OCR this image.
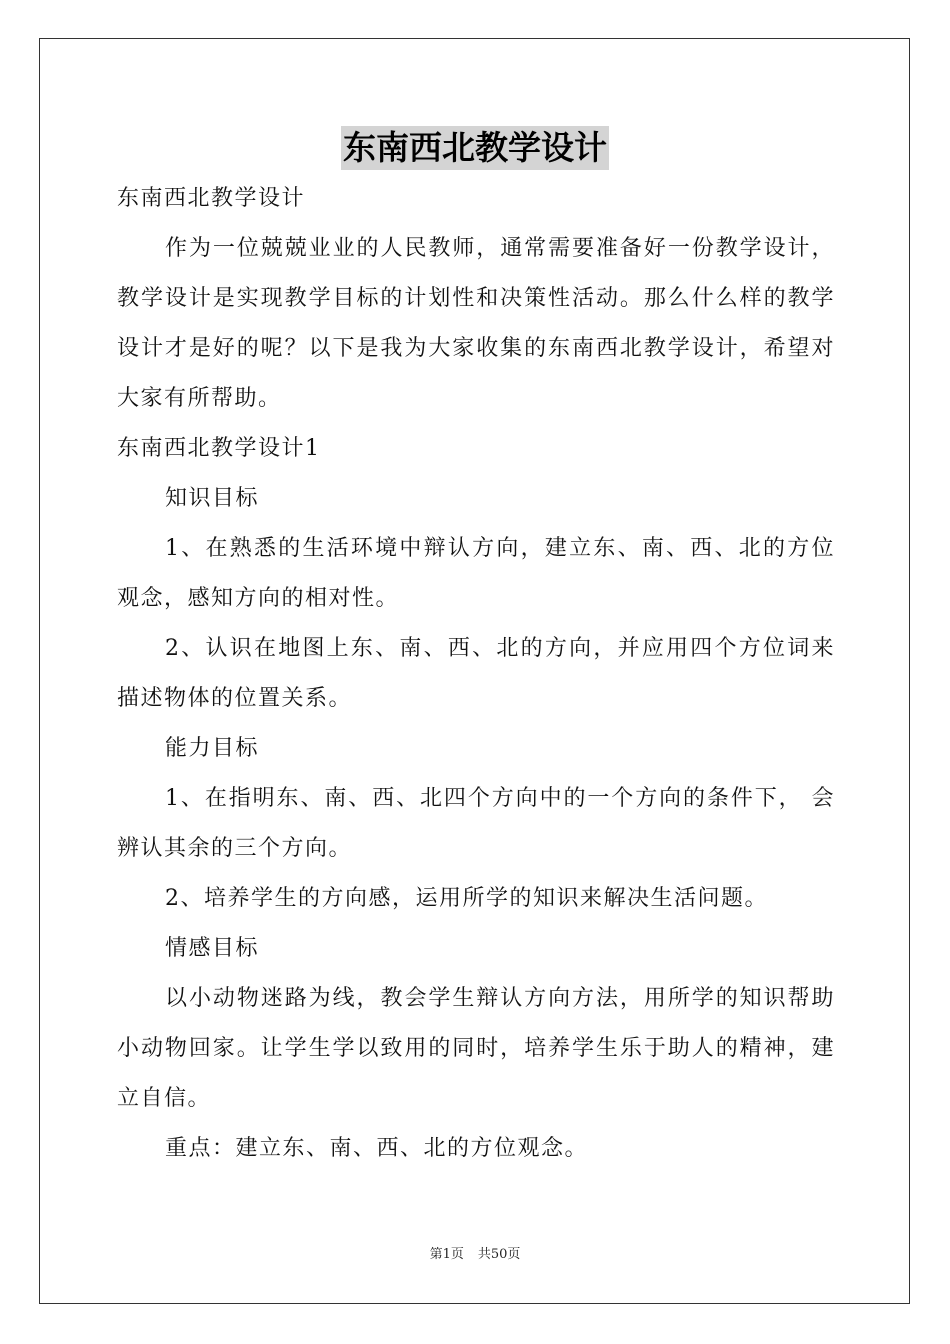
东南西北教学设计

东南西北教学设计

作为一位兢兢业业的人民教师，通常需要准备好一份教学设计，教学设计是实现教学目标的计划性和决策性活动。那么什么样的教学设计才是好的呢？以下是我为大家收集的东南西北教学设计，希望对大家有所帮助。

东南西北教学设计1

知识目标

1、在熟悉的生活环境中辩认方向，建立东、南、西、北的方位观念，感知方向的相对性。

2、认识在地图上东、南、西、北的方向，并应用四个方位词来描述物体的位置关系。

能力目标

1、在指明东、南、西、北四个方向中的一个方向的条件下， 会辨认其余的三个方向。

2、培养学生的方向感，运用所学的知识来解决生活问题。

情感目标

以小动物迷路为线，教会学生辩认方向方法，用所学的知识帮助小动物回家。让学生学以致用的同时，培养学生乐于助人的精神，建立自信。

重点：建立东、南、西、北的方位观念。

第1页 共50页
